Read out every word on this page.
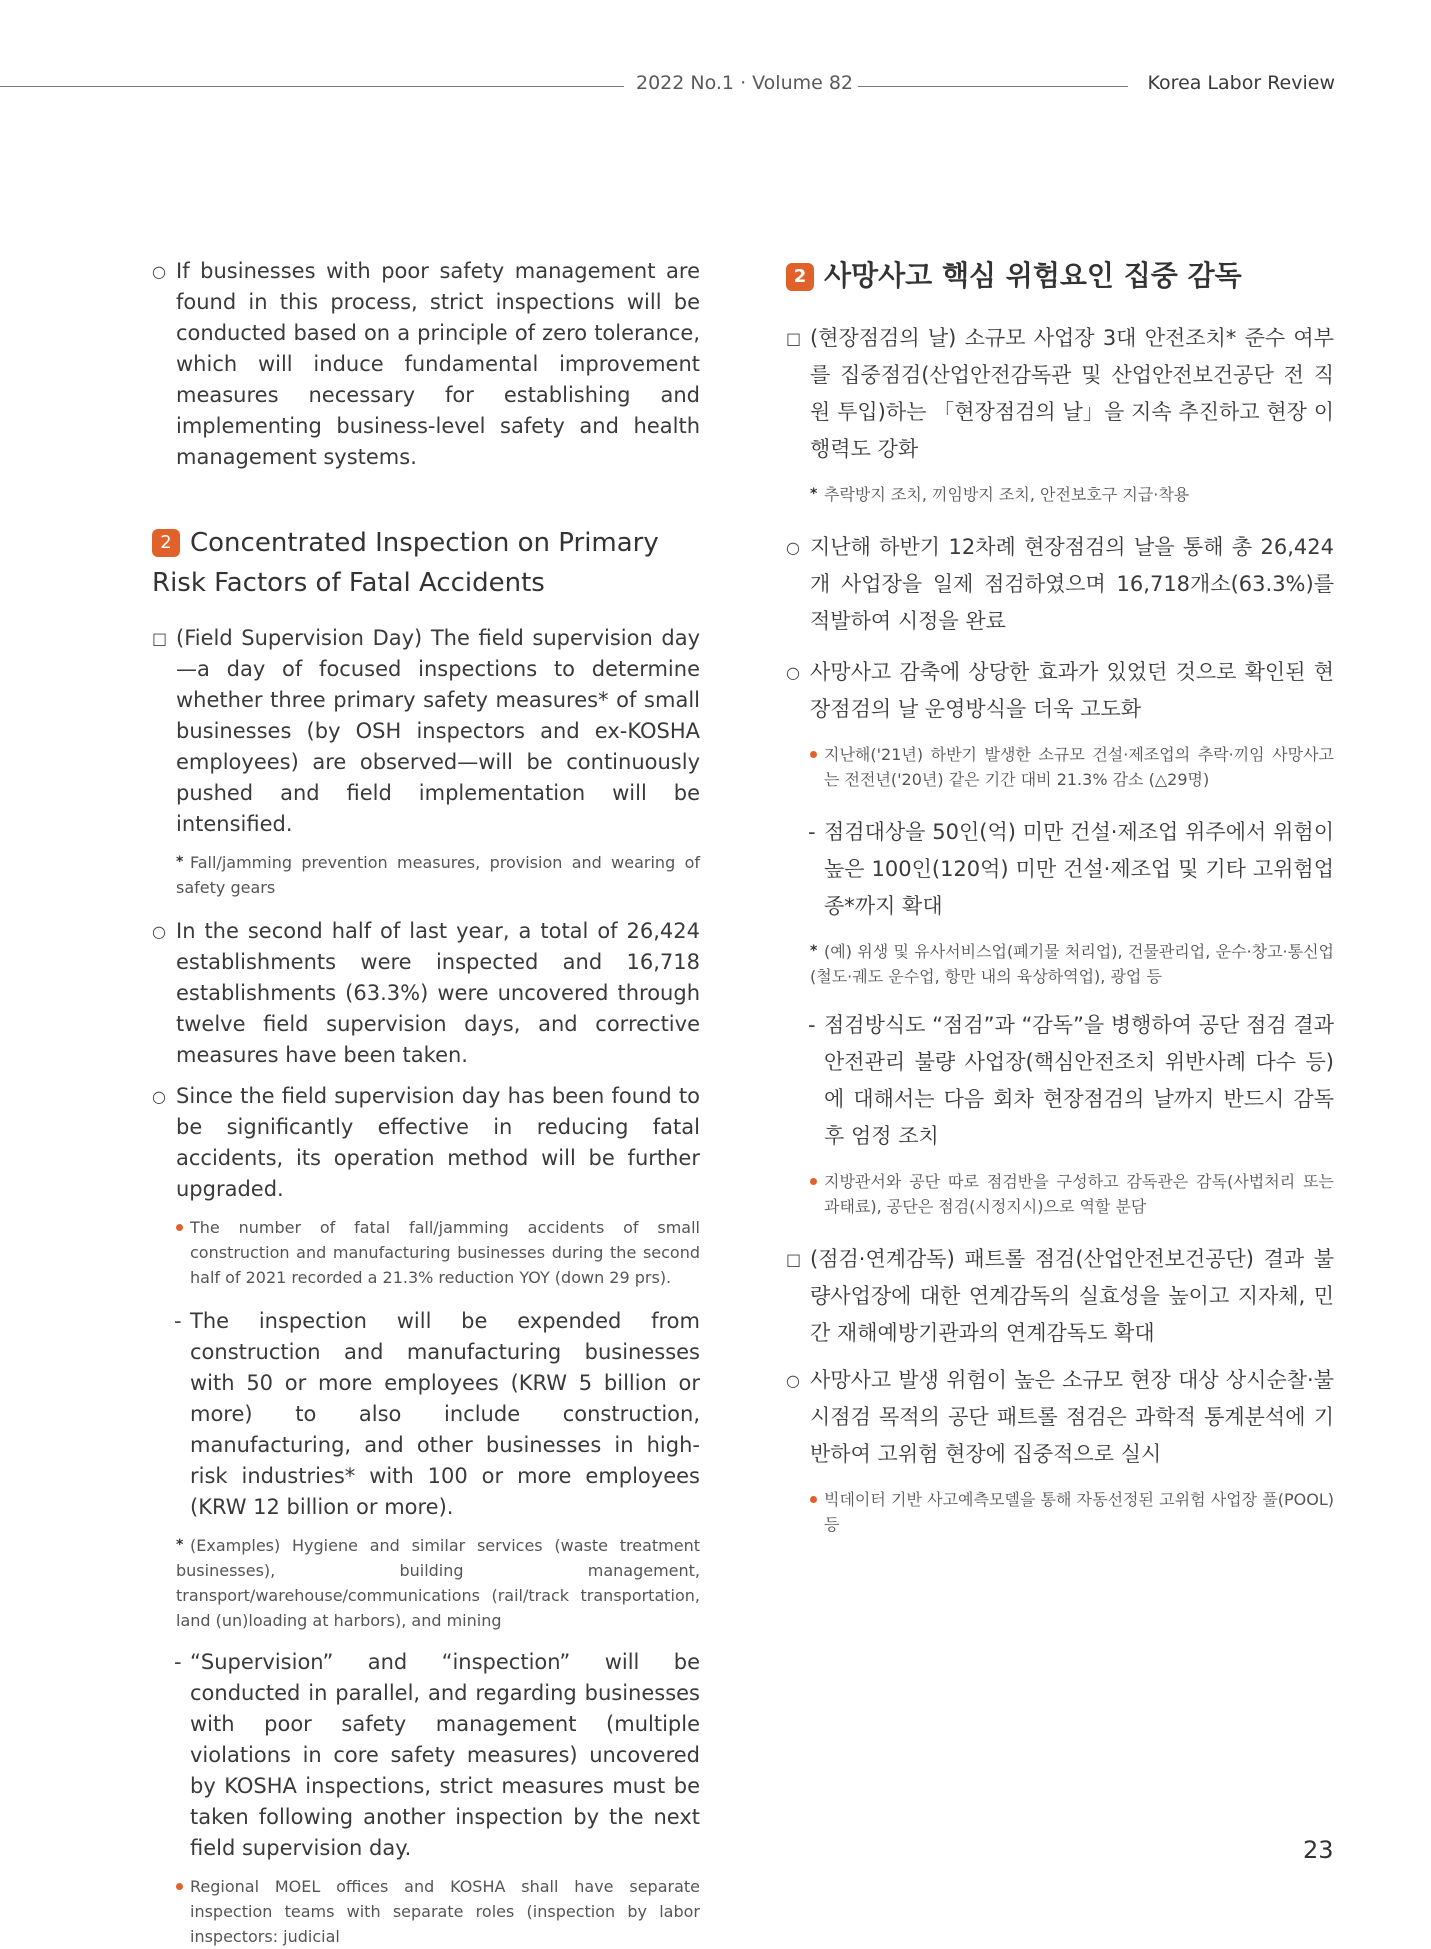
2022 No.1 · Volume 82	Korea Labor Review
○ If businesses with poor safety management are found in this process, strict inspections will be conducted based on a principle of zero tolerance, which will induce fundamental improvement measures necessary for establishing and implementing business-level safety and health management systems.
2 Concentrated Inspection on Primary Risk Factors of Fatal Accidents
□ (Field Supervision Day) The field supervision day—a day of focused inspections to determine whether three primary safety measures* of small businesses (by OSH inspectors and ex-KOSHA employees) are observed—will be continuously pushed and field implementation will be intensified.
* Fall/jamming prevention measures, provision and wearing of safety gears
○ In the second half of last year, a total of 26,424 establishments were inspected and 16,718 establishments (63.3%) were uncovered through twelve field supervision days, and corrective measures have been taken.
○ Since the field supervision day has been found to be significantly effective in reducing fatal accidents, its operation method will be further upgraded.
The number of fatal fall/jamming accidents of small construction and manufacturing businesses during the second half of 2021 recorded a 21.3% reduction YOY (down 29 prs).
- The inspection will be expended from construction and manufacturing businesses with 50 or more employees (KRW 5 billion or more) to also include construction, manufacturing, and other businesses in high-risk industries* with 100 or more employees (KRW 12 billion or more).
* (Examples) Hygiene and similar services (waste treatment businesses), building management, transport/warehouse/communications (rail/track transportation, land (un)loading at harbors), and mining
- “Supervision” and “inspection” will be conducted in parallel, and regarding businesses with poor safety management (multiple violations in core safety measures) uncovered by KOSHA inspections, strict measures must be taken following another inspection by the next field supervision day.
Regional MOEL offices and KOSHA shall have separate inspection teams with separate roles (inspection by labor inspectors: judicial
2 사망사고 핵심 위험요인 집중 감독
□ (현장점검의 날) 소규모 사업장 3대 안전조치* 준수 여부를 집중점검(산업안전감독관 및 산업안전보건공단 전 직원 투입)하는 「현장점검의 날」을 지속 추진하고 현장 이행력도 강화
* 추락방지 조치, 끼임방지 조치, 안전보호구 지급·착용
○ 지난해 하반기 12차례 현장점검의 날을 통해 총 26,424개 사업장을 일제 점검하였으며 16,718개소(63.3%)를 적발하여 시정을 완료
○ 사망사고 감축에 상당한 효과가 있었던 것으로 확인된 현장점검의 날 운영방식을 더욱 고도화
지난해('21년) 하반기 발생한 소규모 건설·제조업의 추락·끼임 사망사고는 전전년('20년) 같은 기간 대비 21.3% 감소 (△29명)
- 점검대상을 50인(억) 미만 건설·제조업 위주에서 위험이 높은 100인(120억) 미만 건설·제조업 및 기타 고위험업종*까지 확대
* (예) 위생 및 유사서비스업(폐기물 처리업), 건물관리업, 운수·창고·통신업(철도·궤도 운수업, 항만 내의 육상하역업), 광업 등
- 점검방식도 “점검”과 “감독”을 병행하여 공단 점검 결과 안전관리 불량 사업장(핵심안전조치 위반사례 다수 등)에 대해서는 다음 회차 현장점검의 날까지 반드시 감독 후 엄정 조치
지방관서와 공단 따로 점검반을 구성하고 감독관은 감독(사법처리 또는 과태료), 공단은 점검(시정지시)으로 역할 분담
□ (점검·연계감독) 패트롤 점검(산업안전보건공단) 결과 불량사업장에 대한 연계감독의 실효성을 높이고 지자체, 민간 재해예방기관과의 연계감독도 확대
○ 사망사고 발생 위험이 높은 소규모 현장 대상 상시순찰·불시점검 목적의 공단 패트롤 점검은 과학적 통계분석에 기반하여 고위험 현장에 집중적으로 실시
빅데이터 기반 사고예측모델을 통해 자동선정된 고위험 사업장 풀(POOL) 등
23
